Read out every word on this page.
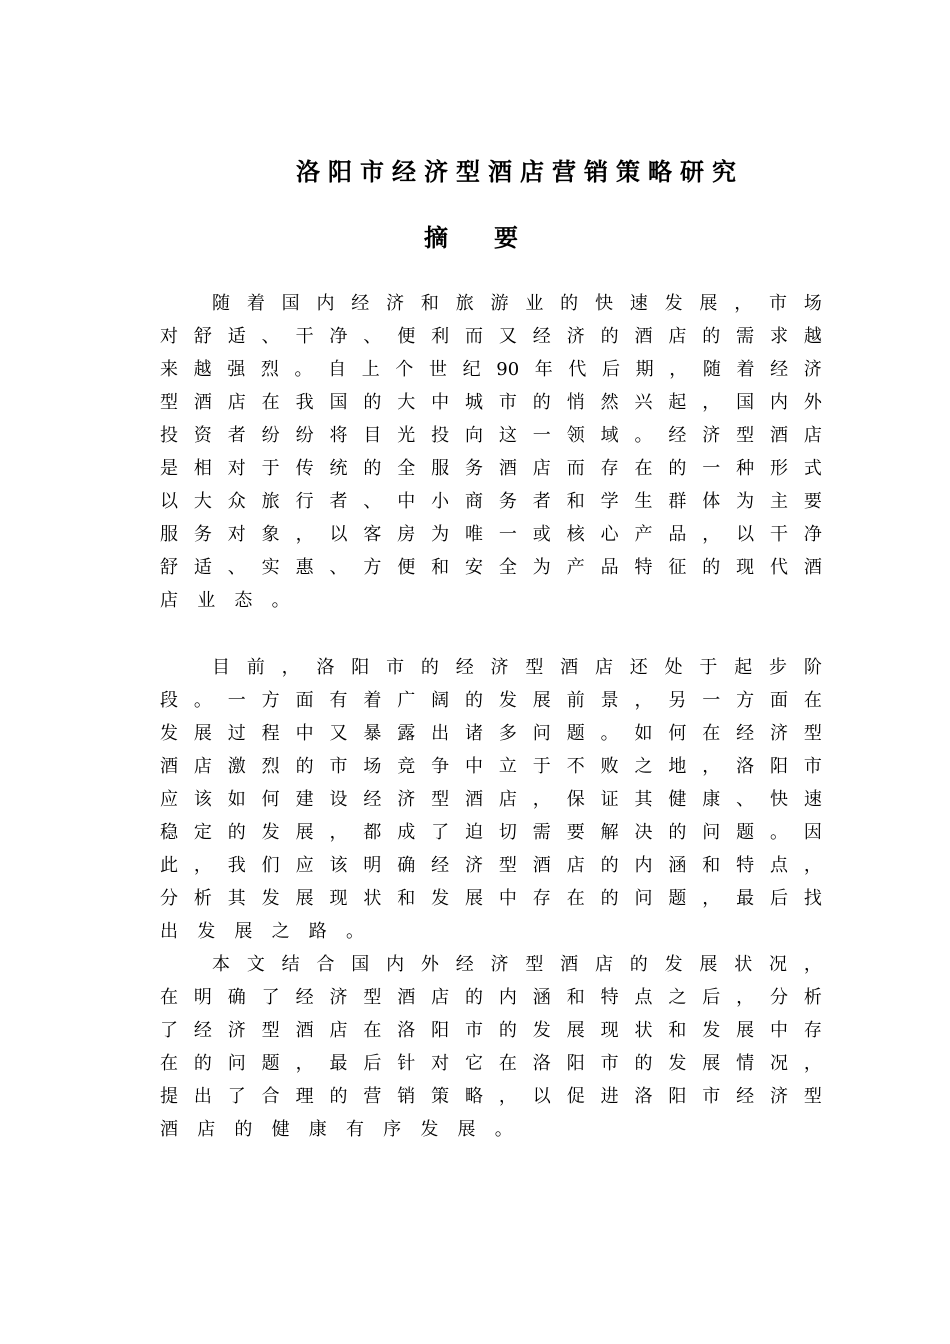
洛阳市经济型酒店营销策略研究
摘要
随 着 国 内 经 济 和 旅 游 业 的 快 速 发 展 ， 市 场
对 舒 适 、 干 净 、 便 利 而 又 经 济 的 酒 店 的 需 求 越
来 越 强 烈 。 自 上 个 世 纪 90 年 代 后 期 ， 随 着 经 济
型 酒 店 在 我 国 的 大 中 城 市 的 悄 然 兴 起 ， 国 内 外
投 资 者 纷 纷 将 目 光 投 向 这 一 领 域 。 经 济 型 酒 店
是 相 对 于 传 统 的 全 服 务 酒 店 而 存 在 的 一 种 形 式
以 大 众 旅 行 者 、 中 小 商 务 者 和 学 生 群 体 为 主 要
服 务 对 象 ， 以 客 房 为 唯 一 或 核 心 产 品 ， 以 干 净
舒 适 、 实 惠 、 方 便 和 安 全 为 产 品 特 征 的 现 代 酒
店 业 态 。
目 前 ， 洛 阳 市 的 经 济 型 酒 店 还 处 于 起 步 阶
段 。 一 方 面 有 着 广 阔 的 发 展 前 景 ， 另 一 方 面 在
发 展 过 程 中 又 暴 露 出 诸 多 问 题 。 如 何 在 经 济 型
酒 店 激 烈 的 市 场 竞 争 中 立 于 不 败 之 地 ， 洛 阳 市
应 该 如 何 建 设 经 济 型 酒 店 ， 保 证 其 健 康 、 快 速
稳 定 的 发 展 ， 都 成 了 迫 切 需 要 解 决 的 问 题 。 因
此 ， 我 们 应 该 明 确 经 济 型 酒 店 的 内 涵 和 特 点 ，
分 析 其 发 展 现 状 和 发 展 中 存 在 的 问 题 ， 最 后 找
出 发 展 之 路 。
本 文 结 合 国 内 外 经 济 型 酒 店 的 发 展 状 况 ，
在 明 确 了 经 济 型 酒 店 的 内 涵 和 特 点 之 后 ， 分 析
了 经 济 型 酒 店 在 洛 阳 市 的 发 展 现 状 和 发 展 中 存
在 的 问 题 ， 最 后 针 对 它 在 洛 阳 市 的 发 展 情 况 ，
提 出 了 合 理 的 营 销 策 略 ， 以 促 进 洛 阳 市 经 济 型
酒 店 的 健 康 有 序 发 展 。
